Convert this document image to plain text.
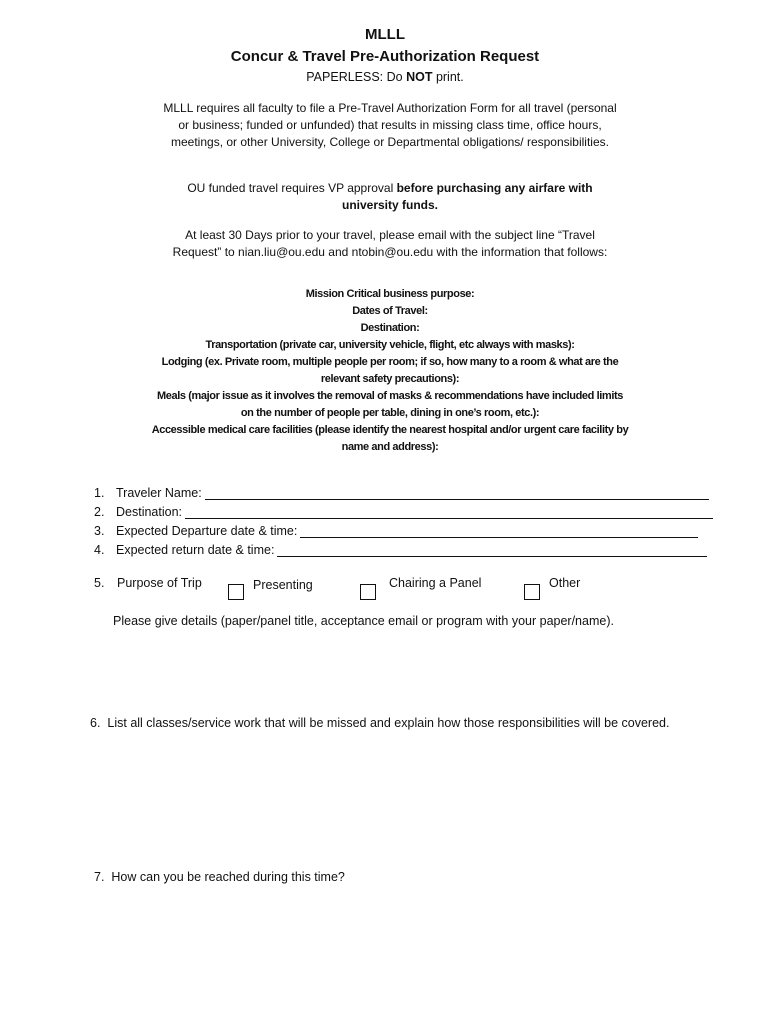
MLLL
Concur & Travel Pre-Authorization Request
PAPERLESS: Do NOT print.
MLLL requires all faculty to file a Pre-Travel Authorization Form for all travel (personal or business; funded or unfunded) that results in missing class time, office hours, meetings, or other University, College or Departmental obligations/ responsibilities.
OU funded travel requires VP approval before purchasing any airfare with university funds.
At least 30 Days prior to your travel, please email with the subject line “Travel Request” to nian.liu@ou.edu and ntobin@ou.edu with the information that follows:
Mission Critical business purpose:
Dates of Travel:
Destination:
Transportation (private car, university vehicle, flight, etc always with masks):
Lodging (ex. Private room, multiple people per room; if so, how many to a room & what are the relevant safety precautions):
Meals (major issue as it involves the removal of masks & recommendations have included limits on the number of people per table, dining in one’s room, etc.):
Accessible medical care facilities (please identify the nearest hospital and/or urgent care facility by name and address):
1. Traveler Name:
2. Destination:
3. Expected Departure date & time:
4. Expected return date & time:
5. Purpose of Trip	Presenting	Chairing a Panel	Other
Please give details (paper/panel title, acceptance email or program with your paper/name).
6. List all classes/service work that will be missed and explain how those responsibilities will be covered.
7. How can you be reached during this time?
